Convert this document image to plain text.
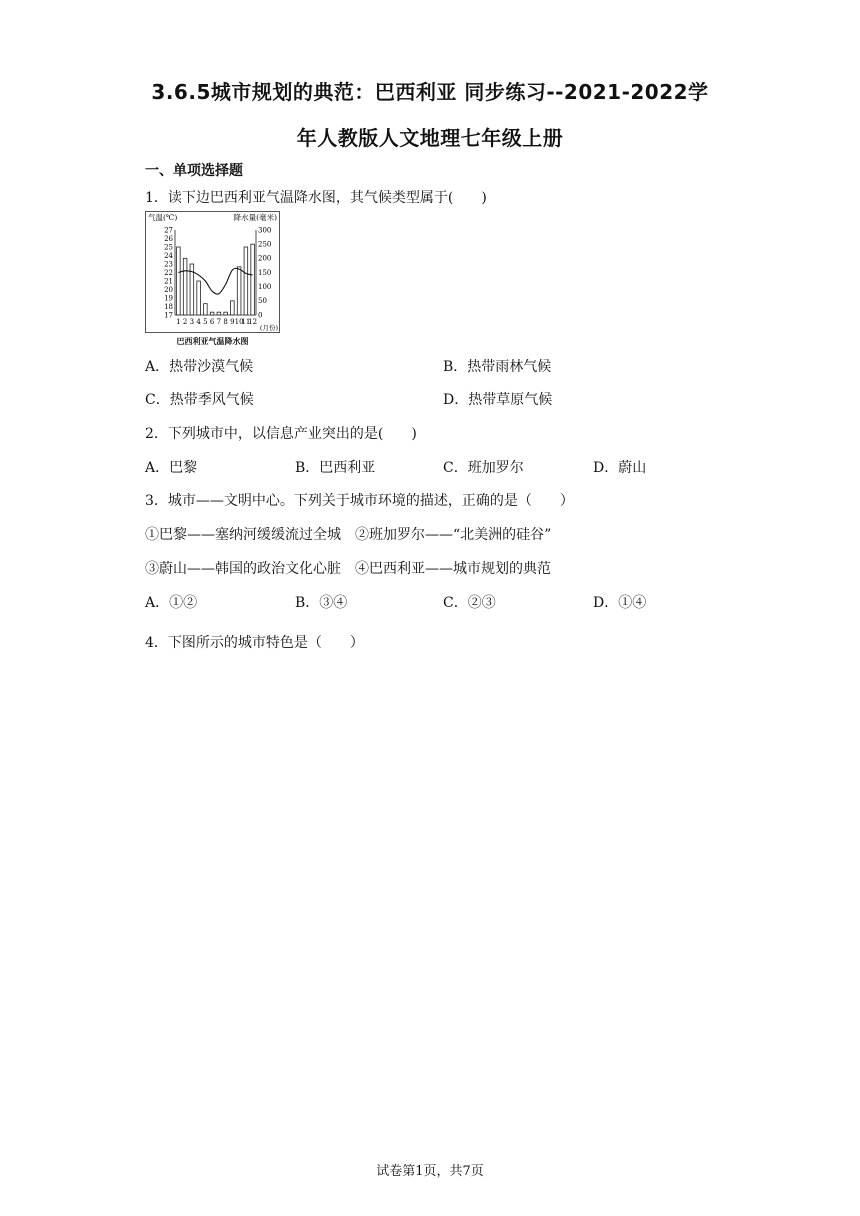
3.6.5城市规划的典范：巴西利亚 同步练习--2021-2022学
年人教版人文地理七年级上册
一、单项选择题
1．读下边巴西利亚气温降水图，其气候类型属于(　　)
气温(℃)	降水量(毫米)
27
26
25
24
23
22
21
20
19
18
17
300
250
200
150
100
50
0
1 2 3 4 5 6 7 8 9 10
11
12
(月份)
巴西利亚气温降水图
A．热带沙漠气候	B．热带雨林气候
C．热带季风气候	D．热带草原气候
2．下列城市中，以信息产业突出的是(　　)
A．巴黎	B．巴西利亚	C．班加罗尔	D．蔚山
3．城市——文明中心。下列关于城市环境的描述，正确的是（　　）
①巴黎——塞纳河缓缓流过全城　②班加罗尔——“北美洲的硅谷”
③蔚山——韩国的政治文化心脏　④巴西利亚——城市规划的典范
A．①②	B．③④	C．②③	D．①④
4．下图所示的城市特色是（　　）
试卷第1页，共7页
